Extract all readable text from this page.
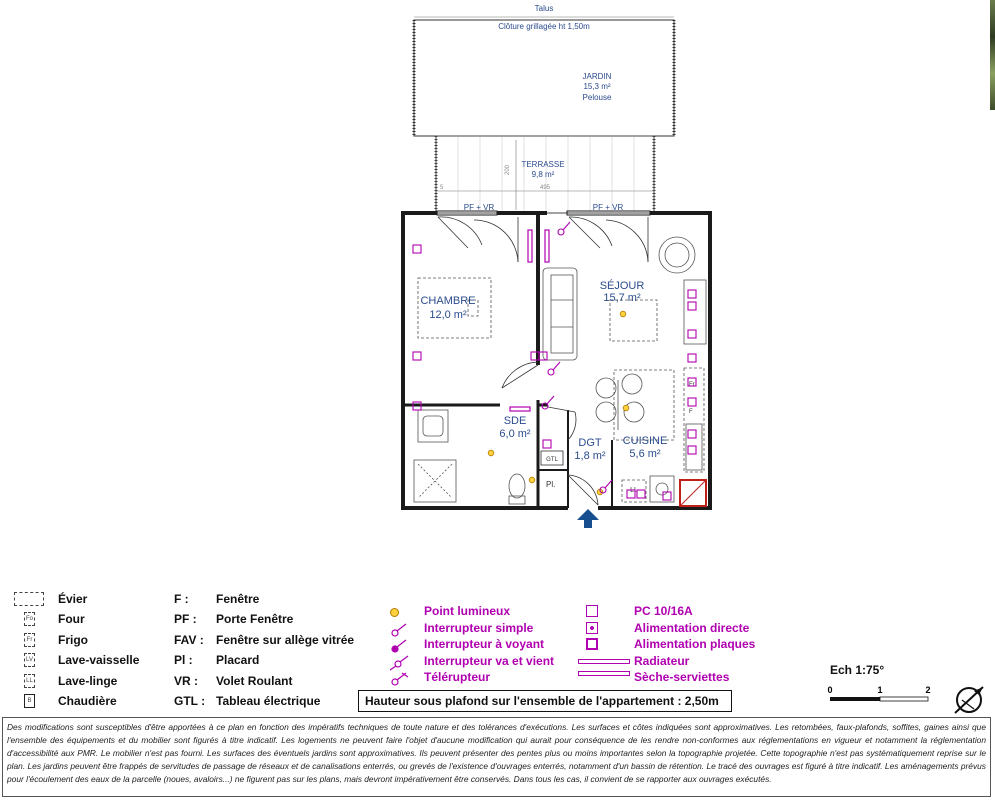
Talus
Clôture grillagée ht 1,50m
JARDIN
15,3 m²
Pelouse
TERRASSE
9,8 m²
200
495
5
PF + VR	PF + VR
CHAMBRE
12,0 m²
SÉJOUR
15,7 m²
SDE
6,0 m²
GTL
Pl.
DGT
1,8 m²
LL
Fr
F
CUISINE
5,6 m²
Évier
Fo Four
Fr Frigo
LV Lave-vaisselle
LL Lave-linge
B Chaudière
F : Fenêtre
PF : Porte Fenêtre
FAV : Fenêtre sur allège vitrée
Pl : Placard
VR : Volet Roulant
GTL : Tableau électrique
Point lumineux
Interrupteur simple
Interrupteur à voyant
Interrupteur va et vient
Télérupteur
PC 10/16A
Alimentation directe
Alimentation plaques
Radiateur
Sèche-serviettes
Hauteur sous plafond sur l'ensemble de l'appartement : 2,50m
Ech 1:75°
0	1	2
Des modifications sont susceptibles d'être apportées à ce plan en fonction des impératifs techniques de toute nature et des tolérances d'exécutions. Les surfaces et côtes indiquées sont approximatives. Les retombées, faux-plafonds, soffites, gaines ainsi que l'ensemble des équipements et du mobilier sont figurés à titre indicatif. Les logements ne peuvent faire l'objet d'aucune modification qui aurait pour conséquence de les rendre non-conformes aux réglementations en vigueur et notamment la réglementation d'accessibilité aux PMR. Le mobilier n'est pas fourni. Les surfaces des éventuels jardins sont approximatives. Ils peuvent présenter des pentes plus ou moins importantes selon la topographie projetée. Cette topographie n'est pas systématiquement reprise sur le plan. Les jardins peuvent être frappés de servitudes de passage de réseaux et de canalisations enterrés, ou grevés de l'existence d'ouvrages enterrés, notamment d'un bassin de rétention. Le tracé des ouvrages est figuré à titre indicatif. Les aménagements prévus pour l'écoulement des eaux de la parcelle (noues, avaloirs...) ne figurent pas sur les plans, mais devront impérativement être conservés. Dans tous les cas, il convient de se rapporter aux ouvrages exécutés.
